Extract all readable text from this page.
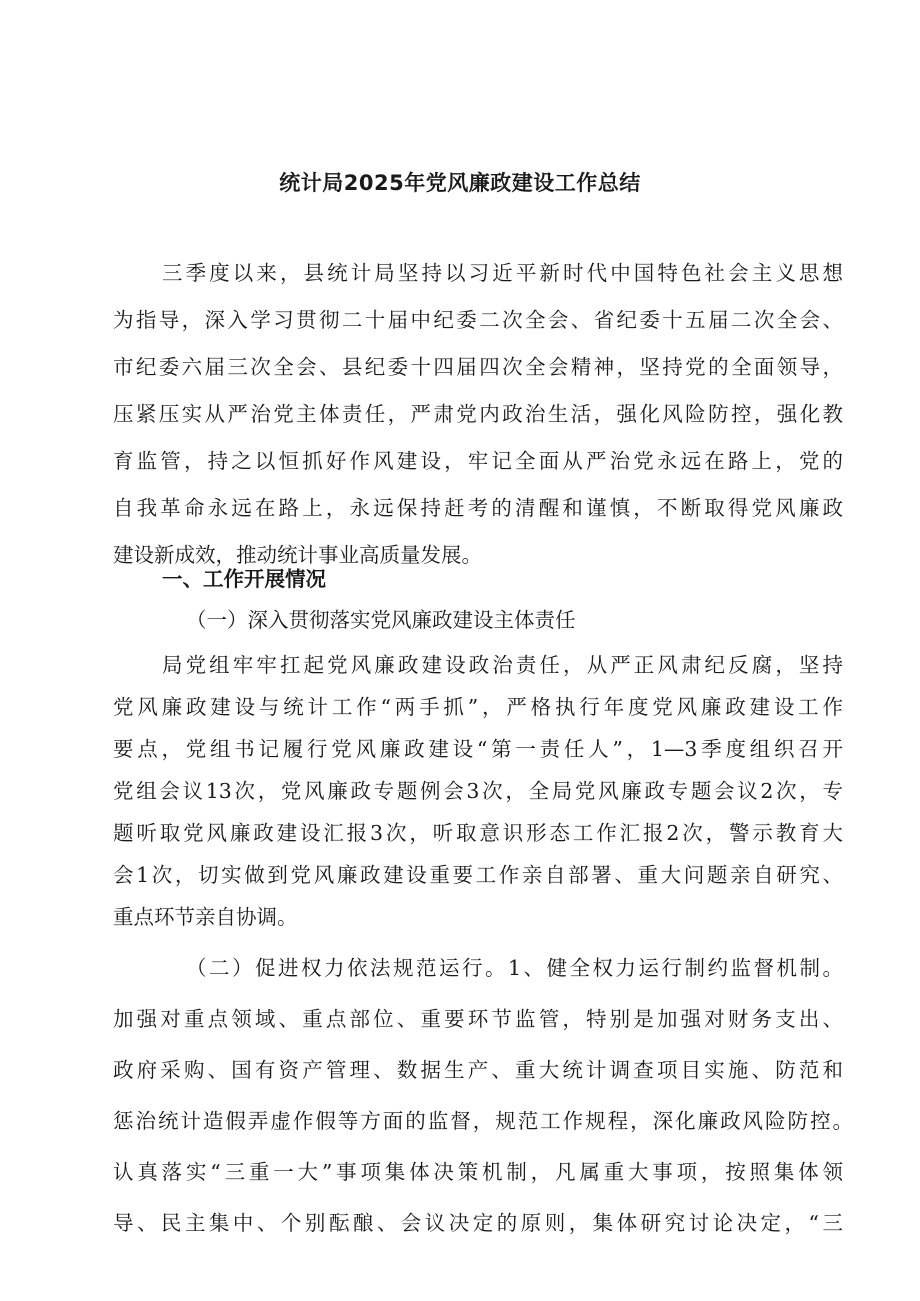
统计局2025年党风廉政建设工作总结
三季度以来，县统计局坚持以习近平新时代中国特色社会主义思想
为指导，深入学习贯彻二十届中纪委二次全会、省纪委十五届二次全会、
市纪委六届三次全会、县纪委十四届四次全会精神，坚持党的全面领导，
压紧压实从严治党主体责任，严肃党内政治生活，强化风险防控，强化教
育监管，持之以恒抓好作风建设，牢记全面从严治党永远在路上，党的
自我革命永远在路上，永远保持赶考的清醒和谨慎，不断取得党风廉政
建设新成效，推动统计事业高质量发展。
一、工作开展情况
（一）深入贯彻落实党风廉政建设主体责任
局党组牢牢扛起党风廉政建设政治责任，从严正风肃纪反腐，坚持
党风廉政建设与统计工作“两手抓”，严格执行年度党风廉政建设工作
要点，党组书记履行党风廉政建设“第一责任人”，1—3季度组织召开
党组会议13次，党风廉政专题例会3次，全局党风廉政专题会议2次，专
题听取党风廉政建设汇报3次，听取意识形态工作汇报2次，警示教育大
会1次，切实做到党风廉政建设重要工作亲自部署、重大问题亲自研究、
重点环节亲自协调。
（二）促进权力依法规范运行。1、健全权力运行制约监督机制。
加强对重点领域、重点部位、重要环节监管，特别是加强对财务支出、
政府采购、国有资产管理、数据生产、重大统计调查项目实施、防范和
惩治统计造假弄虚作假等方面的监督，规范工作规程，深化廉政风险防控。
认真落实“三重一大”事项集体决策机制，凡属重大事项，按照集体领
导、民主集中、个别酝酿、会议决定的原则，集体研究讨论决定，“三
